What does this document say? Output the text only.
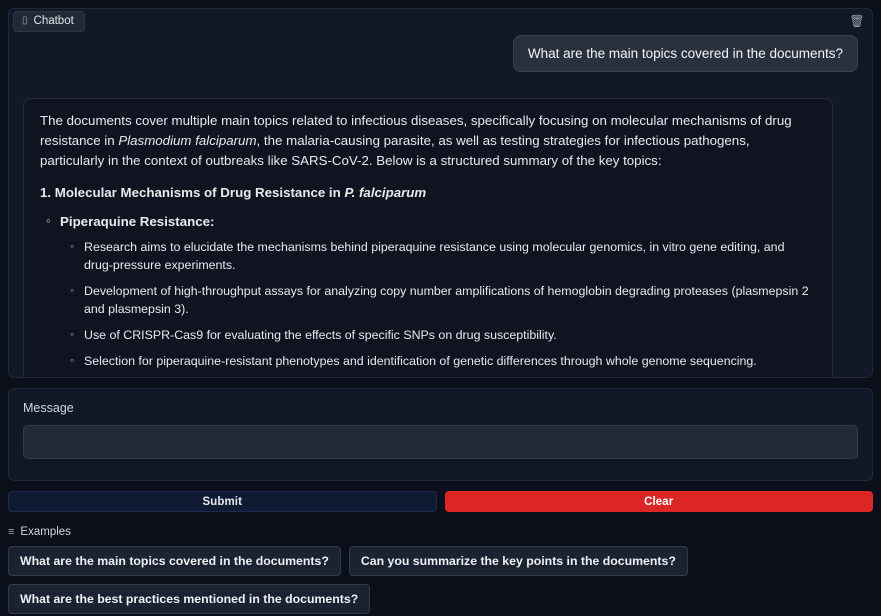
▯ Chatbot	🗑
What are the main topics covered in the documents?

The documents cover multiple main topics related to infectious diseases, specifically focusing on molecular mechanisms of drug resistance in Plasmodium falciparum, the malaria-causing parasite, as well as testing strategies for infectious pathogens, particularly in the context of outbreaks like SARS-CoV-2. Below is a structured summary of the key topics:

1. Molecular Mechanisms of Drug Resistance in P. falciparum

◦ Piperaquine Resistance:
◦ Research aims to elucidate the mechanisms behind piperaquine resistance using molecular genomics, in vitro gene editing, and drug-pressure experiments.
◦ Development of high-throughput assays for analyzing copy number amplifications of hemoglobin degrading proteases (plasmepsin 2 and plasmepsin 3).
◦ Use of CRISPR-Cas9 for evaluating the effects of specific SNPs on drug susceptibility.
◦ Selection for piperaquine-resistant phenotypes and identification of genetic differences through whole genome sequencing.
Message
Submit	Clear
≡ Examples
What are the main topics covered in the documents?	Can you summarize the key points in the documents?
What are the best practices mentioned in the documents?
